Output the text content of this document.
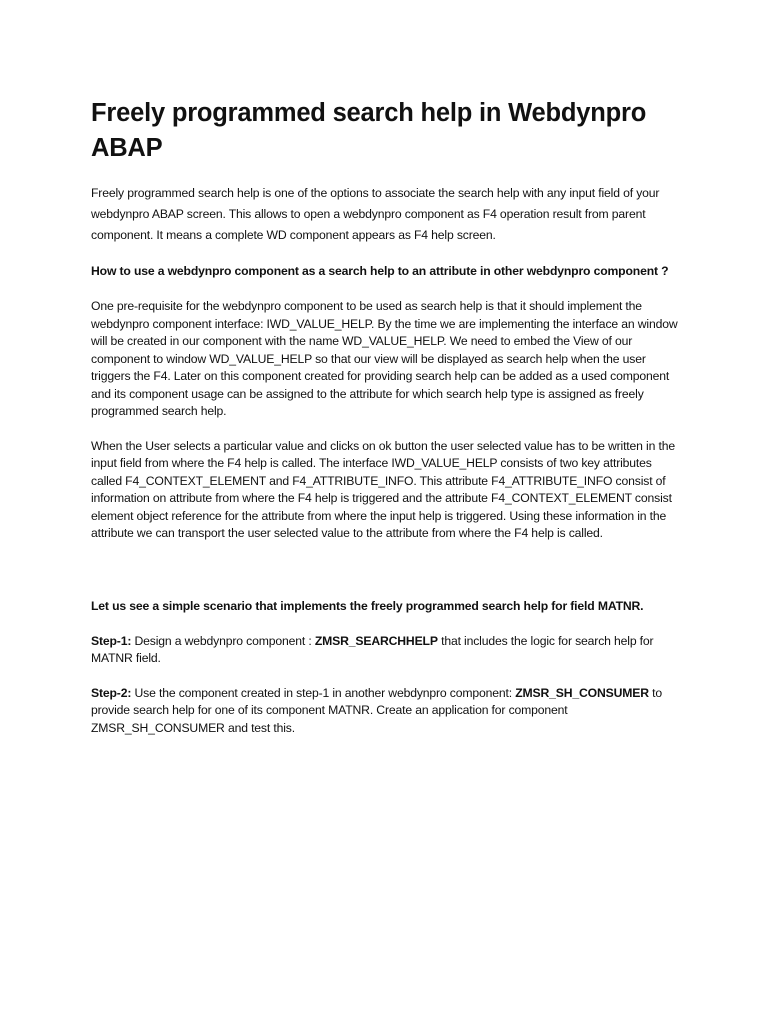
Freely programmed search help in Webdynpro ABAP

Freely programmed search help is one of the options to associate the search help with any input field of your webdynpro ABAP screen. This allows to open a webdynpro component as F4 operation result from parent component. It means a complete WD component appears as F4 help screen.

How to use a webdynpro component as a search help to an attribute in other webdynpro component ?

One pre-requisite for the webdynpro component to be used as search help is that it should implement the webdynpro component interface: IWD_VALUE_HELP. By the time we are implementing the interface an window will be created in our component with the name WD_VALUE_HELP. We need to embed the View of our component to window WD_VALUE_HELP so that our view will be displayed as search help when the user triggers the F4. Later on this component created for providing search help can be added as a used component and its component usage can be assigned to the attribute for which search help type is assigned as freely programmed search help.

When the User selects a particular value and clicks on ok button the user selected value has to be written in the input field from where the F4 help is called. The interface IWD_VALUE_HELP consists of two key attributes called F4_CONTEXT_ELEMENT and F4_ATTRIBUTE_INFO. This attribute F4_ATTRIBUTE_INFO consist of information on attribute from where the F4 help is triggered and the attribute F4_CONTEXT_ELEMENT consist element object reference for the attribute from where the input help is triggered. Using these information in the attribute we can transport the user selected value to the attribute from where the F4 help is called.

Let us see a simple scenario that implements the freely programmed search help for field MATNR.

Step-1: Design a webdynpro component : ZMSR_SEARCHHELP that includes the logic for search help for MATNR field.

Step-2: Use the component created in step-1 in another webdynpro component: ZMSR_SH_CONSUMER to provide search help for one of its component MATNR. Create an application for component ZMSR_SH_CONSUMER and test this.
